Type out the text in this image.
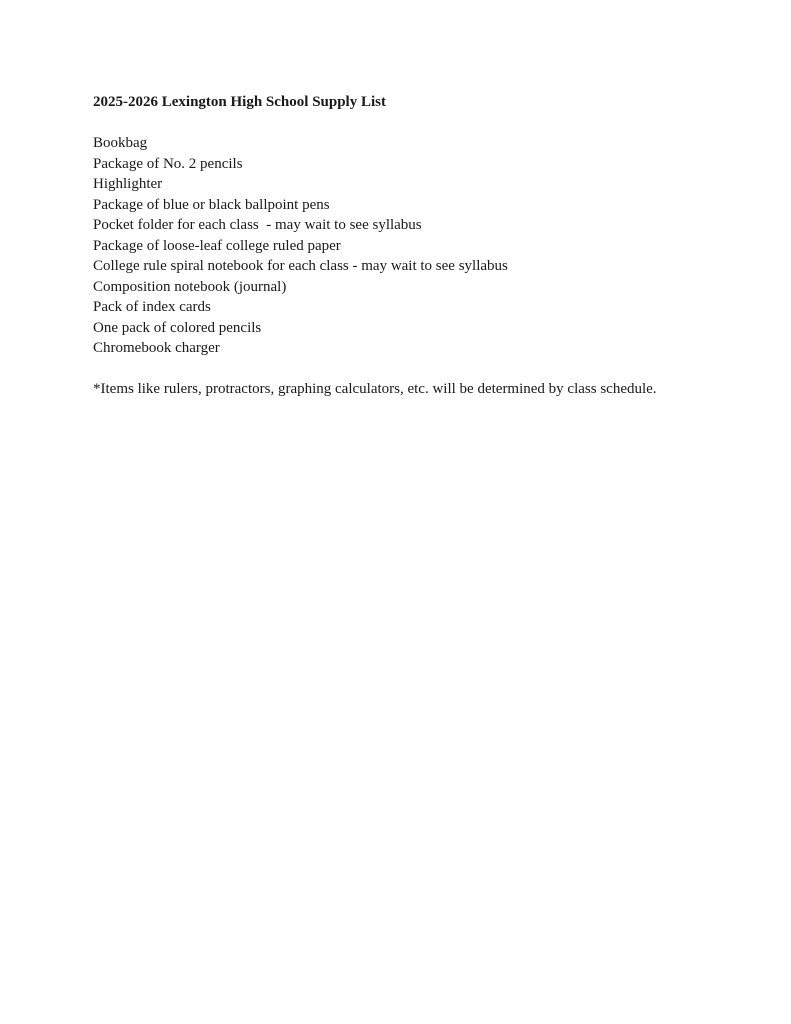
2025-2026 Lexington High School Supply List

Bookbag
Package of No. 2 pencils
Highlighter
Package of blue or black ballpoint pens
Pocket folder for each class  - may wait to see syllabus
Package of loose-leaf college ruled paper
College rule spiral notebook for each class - may wait to see syllabus
Composition notebook (journal)
Pack of index cards
One pack of colored pencils
Chromebook charger

*Items like rulers, protractors, graphing calculators, etc. will be determined by class schedule.
